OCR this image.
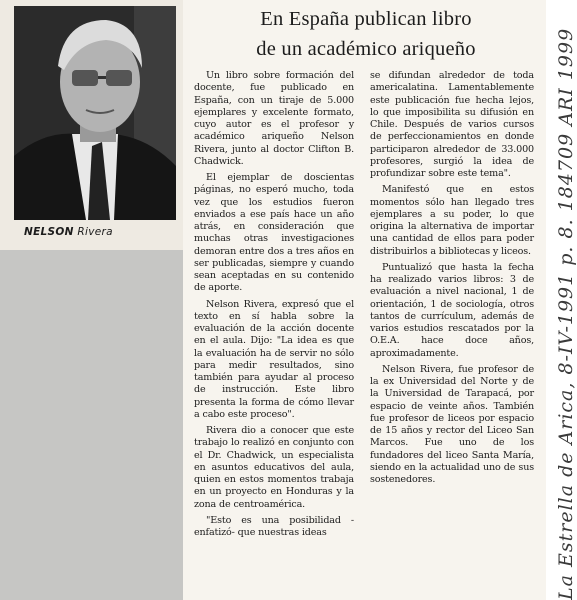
NELSON Rivera
En España publican libro
de un académico ariqueño

Un libro sobre formación del docente, fue publicado en España, con un tiraje de 5.000 ejemplares y excelente formato, cuyo autor es el profesor y académico ariqueño Nelson Rivera, junto al doctor Clifton B. Chadwick.

El ejemplar de doscientas páginas, no esperó mucho, toda vez que los estudios fueron enviados a ese país hace un año atrás, en consideración que muchas otras investigaciones demoran entre dos a tres años en ser publicadas, siempre y cuando sean aceptadas en su contenido de aporte.

Nelson Rivera, expresó que el texto en sí habla sobre la evaluación de la acción docente en el aula. Dijo: "La idea es que la evaluación ha de servir no sólo para medir resultados, sino también para ayudar al proceso de instrucción. Este libro presenta la forma de cómo llevar a cabo este proceso".

Rivera dio a conocer que este trabajo lo realizó en conjunto con el Dr. Chadwick, un especialista en asuntos educativos del aula, quien en estos momentos trabaja en un proyecto en Honduras y la zona de centroamérica.

"Esto es una posibilidad - enfatizó- que nuestras ideas

se difundan alrededor de toda americalatina. Lamentablemente este publicación fue hecha lejos, lo que imposibilita su difusión en Chile. Después de varios cursos de perfeccionamientos en donde participaron alrededor de 33.000 profesores, surgió la idea de profundizar sobre este tema".

Manifestó que en estos momentos sólo han llegado tres ejemplares a su poder, lo que origina la alternativa de importar una cantidad de ellos para poder distribuirlos a bibliotecas y liceos.

Puntualizó que hasta la fecha ha realizado varios libros: 3 de evaluación a nivel nacional, 1 de orientación, 1 de sociología, otros tantos de currículum, además de varios estudios rescatados por la O.E.A. hace doce años, aproximadamente.

Nelson Rivera, fue profesor de la ex Universidad del Norte y de la Universidad de Tarapacá, por espacio de veinte años. También fue profesor de liceos por espacio de 15 años y rector del Liceo San Marcos. Fue uno de los fundadores del liceo Santa María, siendo en la actualidad uno de sus sostenedores.	La Estrella de Arica, 8-IV-1991 p. 8. 184709 ARI 1999
